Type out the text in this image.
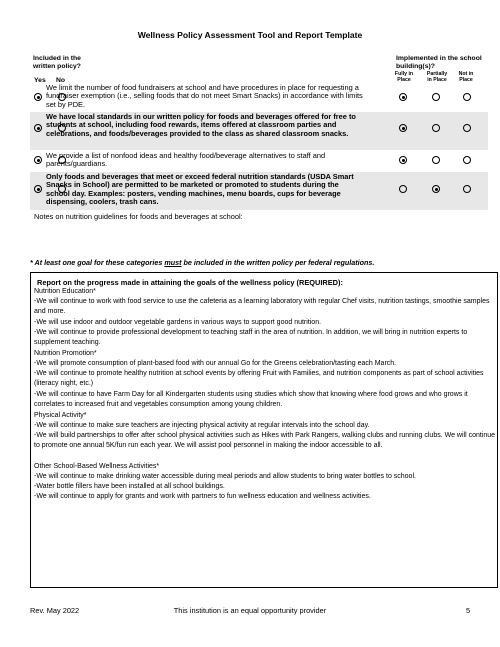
Wellness Policy Assessment Tool and Report Template
Included in the written policy?
Yes No
Implemented in the school building(s)?
Fully in Place
Partially in Place
Not in Place
We limit the number of food fundraisers at school and have procedures in place for requesting a fundraiser exemption (i.e., selling foods that do not meet Smart Snacks) in accordance with limits set by PDE.
We have local standards in our written policy for foods and beverages offered for free to students at school, including food rewards, items offered at classroom parties and celebrations, and foods/beverages provided to the class as shared classroom snacks.
We provide a list of nonfood ideas and healthy food/beverage alternatives to staff and parents/guardians.
Only foods and beverages that meet or exceed federal nutrition standards (USDA Smart Snacks in School) are permitted to be marketed or promoted to students during the school day. Examples: posters, vending machines, menu boards, cups for beverage dispensing, coolers, trash cans.
Notes on nutrition guidelines for foods and beverages at school:
* At least one goal for these categories must be included in the written policy per federal regulations.
Report on the progress made in attaining the goals of the wellness policy (REQUIRED):
Nutrition Education*
-We will continue to work with food service to use the cafeteria as a learning laboratory with regular Chef visits, nutrition tastings, smoothie samples and more.
-We will use indoor and outdoor vegetable gardens in various ways to support good nutrition.
-We will continue to provide professional development to teaching staff in the area of nutrition. In addition, we will bring in nutrition experts to supplement teaching.
Nutrition Promotion*
-We will promote consumption of plant-based food with our annual Go for the Greens celebration/tasting each March.
-We will continue to promote healthy nutrition at school events by offering Fruit with Families, and nutrition components as part of school activities (literacy night, etc.)
-We will continue to have Farm Day for all Kindergarten students using studies which show that knowing where food grows and who grows it correlates to increased fruit and vegetables consumption among young children.
Physical Activity*
-We will continue to make sure teachers are injecting physical activity at regular intervals into the school day.
-We will build partnerships to offer after school physical activities such as Hikes with Park Rangers, walking clubs and running clubs. We will continue to promote one annual 5K/fun run each year. We will assist pool personnel in making the indoor accessible to all.
Other School-Based Wellness Activities*
-We will continue to make drinking water accessible during meal periods and allow students to bring water bottles to school.
-Water bottle fillers have been installed at all school buildings.
-We will continue to apply for grants and work with partners to fun wellness education and wellness activities.
Rev. May 2022	This institution is an equal opportunity provider	5
